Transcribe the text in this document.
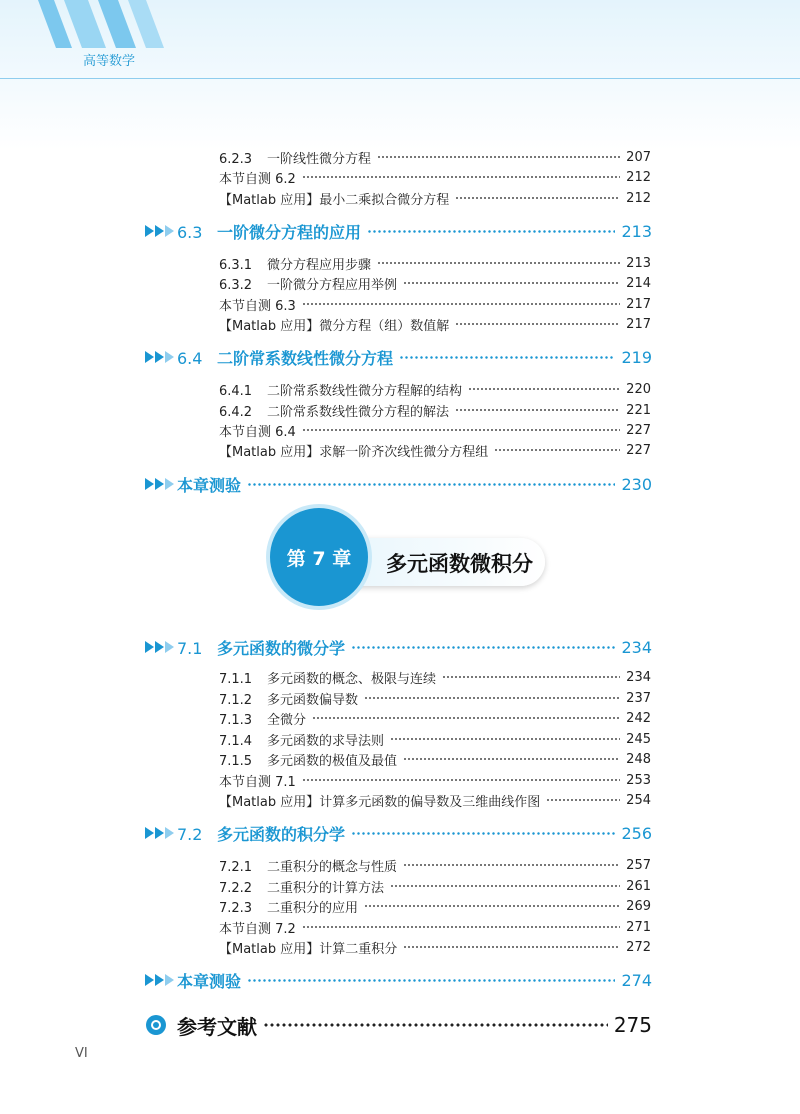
高等数学
6.2.3 一阶线性微分方程	207
本节自测 6.2	212
【Matlab 应用】最小二乘拟合微分方程	212
6.3 一阶微分方程的应用	213
6.3.1 微分方程应用步骤	213
6.3.2 一阶微分方程应用举例	214
本节自测 6.3	217
【Matlab 应用】微分方程（组）数值解	217
6.4 二阶常系数线性微分方程	219
6.4.1 二阶常系数线性微分方程解的结构	220
6.4.2 二阶常系数线性微分方程的解法	221
本节自测 6.4	227
【Matlab 应用】求解一阶齐次线性微分方程组	227
本章测验	230
7.1 多元函数的微分学	234
7.1.1 多元函数的概念、极限与连续	234
7.1.2 多元函数偏导数	237
7.1.3 全微分	242
7.1.4 多元函数的求导法则	245
7.1.5 多元函数的极值及最值	248
本节自测 7.1	253
【Matlab 应用】计算多元函数的偏导数及三维曲线作图	254
7.2 多元函数的积分学	256
7.2.1 二重积分的概念与性质	257
7.2.2 二重积分的计算方法	261
7.2.3 二重积分的应用	269
本节自测 7.2	271
【Matlab 应用】计算二重积分	272
本章测验	274
第 7 章	多元函数微积分
参考文献	275
VI
